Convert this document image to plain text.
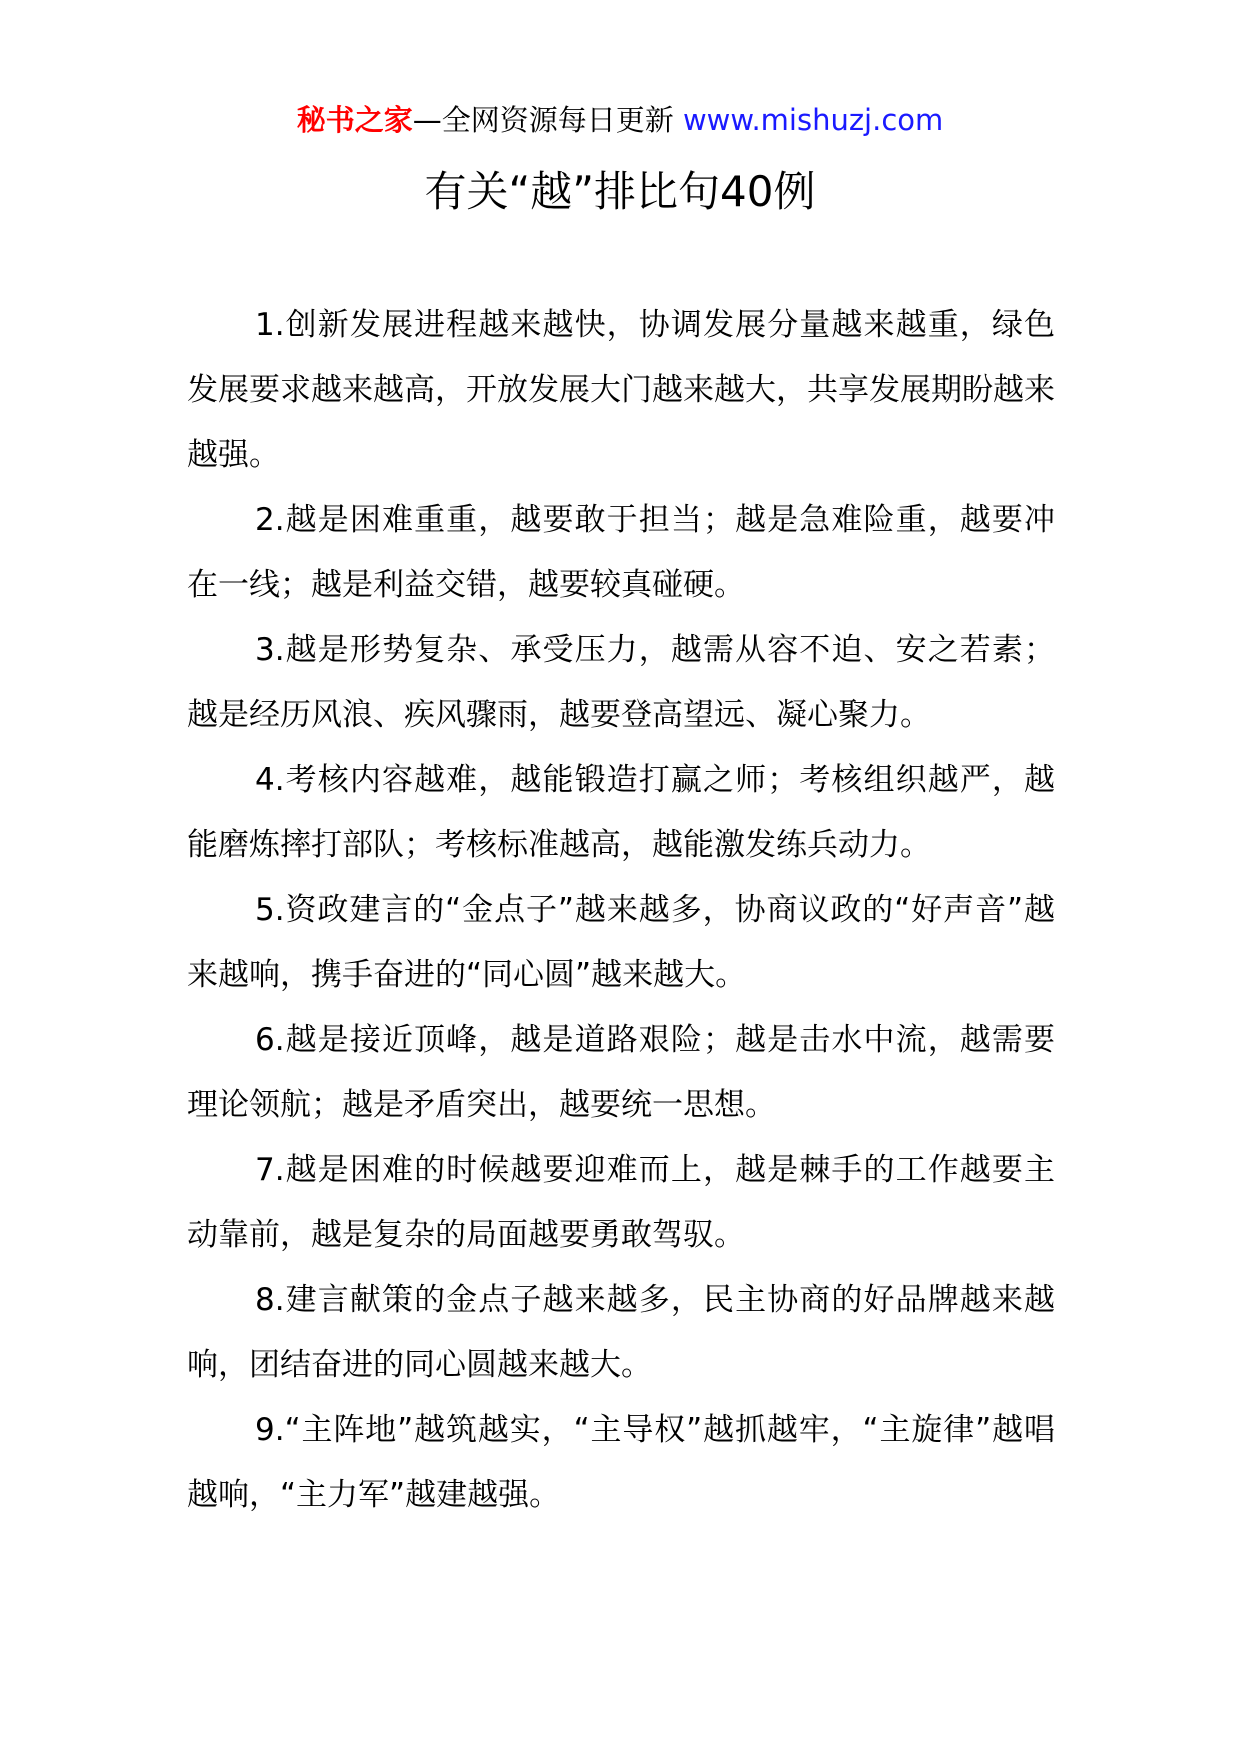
秘书之家—全网资源每日更新 www.mishuzj.com
有关“越”排比句40例

1.创新发展进程越来越快，协调发展分量越来越重，绿色发展要求越来越高，开放发展大门越来越大，共享发展期盼越来越强。

2.越是困难重重，越要敢于担当；越是急难险重，越要冲在一线；越是利益交错，越要较真碰硬。

3.越是形势复杂、承受压力，越需从容不迫、安之若素；越是经历风浪、疾风骤雨，越要登高望远、凝心聚力。

4.考核内容越难，越能锻造打赢之师；考核组织越严，越能磨炼摔打部队；考核标准越高，越能激发练兵动力。

5.资政建言的“金点子”越来越多，协商议政的“好声音”越来越响，携手奋进的“同心圆”越来越大。

6.越是接近顶峰，越是道路艰险；越是击水中流，越需要理论领航；越是矛盾突出，越要统一思想。

7.越是困难的时候越要迎难而上，越是棘手的工作越要主动靠前，越是复杂的局面越要勇敢驾驭。

8.建言献策的金点子越来越多，民主协商的好品牌越来越响，团结奋进的同心圆越来越大。

9.“主阵地”越筑越实，“主导权”越抓越牢，“主旋律”越唱越响，“主力军”越建越强。
